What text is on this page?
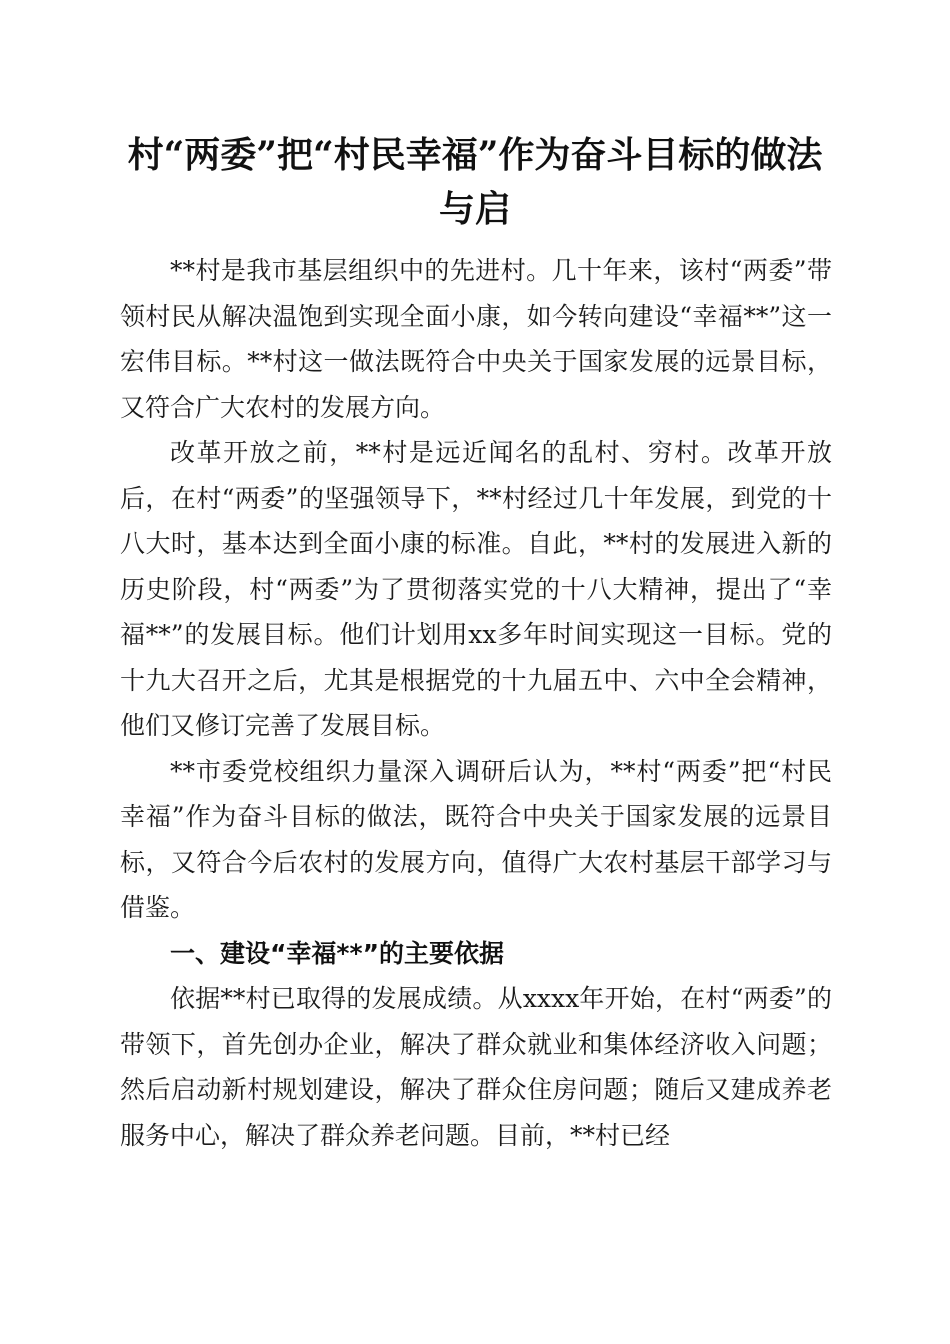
村“两委”把“村民幸福”作为奋斗目标的做法与启

**村是我市基层组织中的先进村。几十年来，该村“两委”带领村民从解决温饱到实现全面小康，如今转向建设“幸福**”这一宏伟目标。**村这一做法既符合中央关于国家发展的远景目标，又符合广大农村的发展方向。

改革开放之前，**村是远近闻名的乱村、穷村。改革开放后，在村“两委”的坚强领导下，**村经过几十年发展，到党的十八大时，基本达到全面小康的标准。自此，**村的发展进入新的历史阶段，村“两委”为了贯彻落实党的十八大精神，提出了“幸福**”的发展目标。他们计划用xx多年时间实现这一目标。党的十九大召开之后，尤其是根据党的十九届五中、六中全会精神，他们又修订完善了发展目标。

**市委党校组织力量深入调研后认为，**村“两委”把“村民幸福”作为奋斗目标的做法，既符合中央关于国家发展的远景目标，又符合今后农村的发展方向，值得广大农村基层干部学习与借鉴。

一、建设“幸福**”的主要依据

依据**村已取得的发展成绩。从xxxx年开始，在村“两委”的带领下，首先创办企业，解决了群众就业和集体经济收入问题；然后启动新村规划建设，解决了群众住房问题；随后又建成养老服务中心，解决了群众养老问题。目前，**村已经
